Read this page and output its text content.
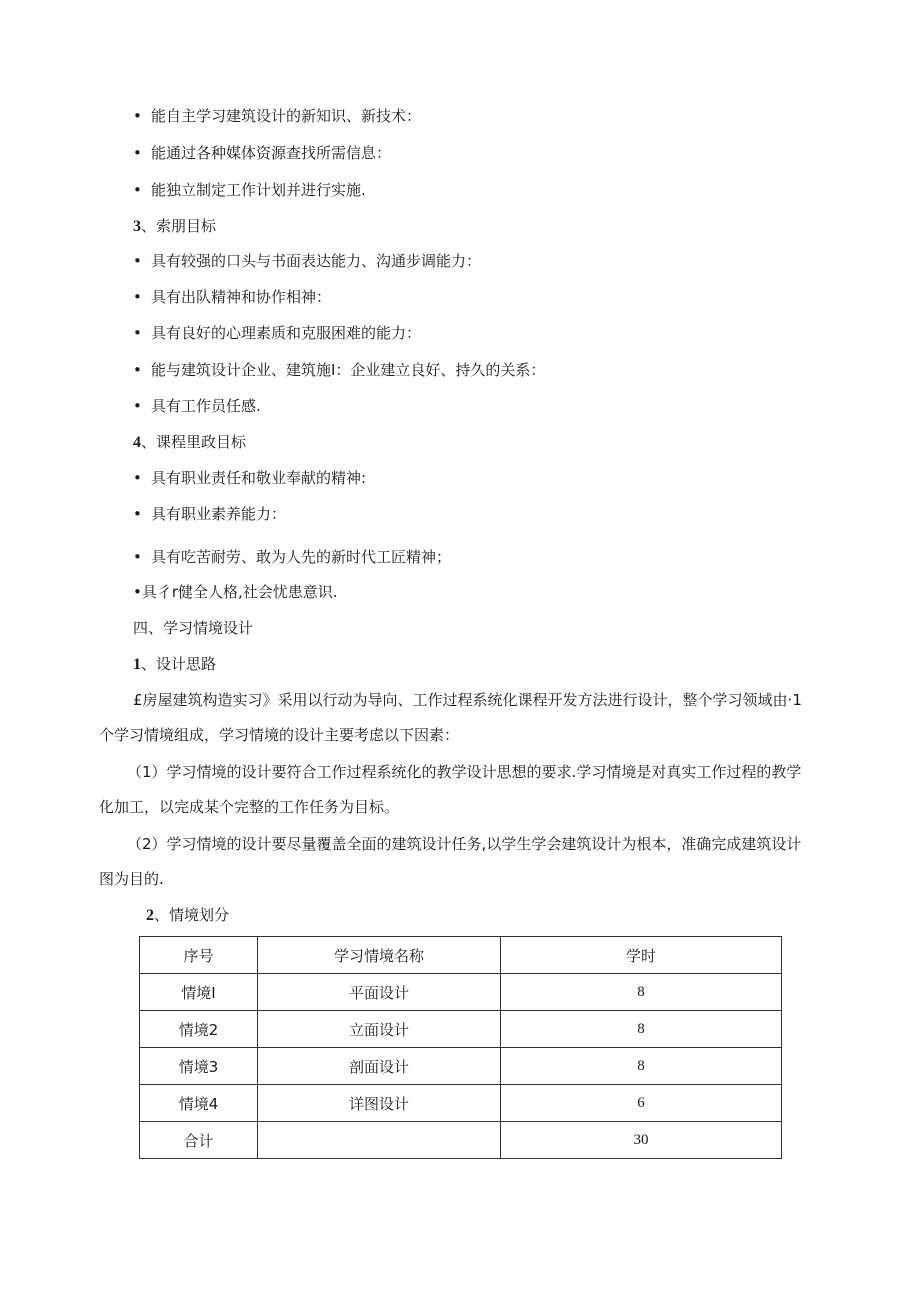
• 能自主学习建筑设计的新知识、新技术：
• 能通过各种媒体资源查找所需信息：
• 能独立制定工作计划并进行实施.
3、索朋目标
• 具有较强的口头与书面表达能力、沟通步调能力：
• 具有出队精神和协作相神：
• 具有良好的心理素质和克服困难的能力：
• 能与建筑设计企业、建筑施I：企业建立良好、持久的关系：
• 具有工作员任感.
4、课程里政目标
• 具有职业责任和敬业奉献的精神:
• 具有职业素养能力：
• 具有吃苦耐劳、敢为人先的新时代工匠精神；
•具彳r健全人格,社会忧患意识.
四、学习情境设计
1、设计思路
£房屋建筑构造实习》采用以行动为导向、工作过程系统化课程开发方法进行设计，整个学习领域由·1
个学习情境组成，学习情境的设计主要考虑以下因素：
（1）学习情境的设计要符合工作过程系统化的教学设计思想的要求.学习情境是对真实工作过程的教学
化加工，以完成某个完整的工作任务为目标。
（2）学习情境的设计要尽量覆盖全面的建筑设计任务,以学生学会建筑设计为根本，准确完成建筑设计
图为目的.
2、情境划分
序号	学习情境名称	学时
情境I	平面设计	8
情境2	立面设计	8
情境3	剖面设计	8
情境4	详图设计	6
合计		30
